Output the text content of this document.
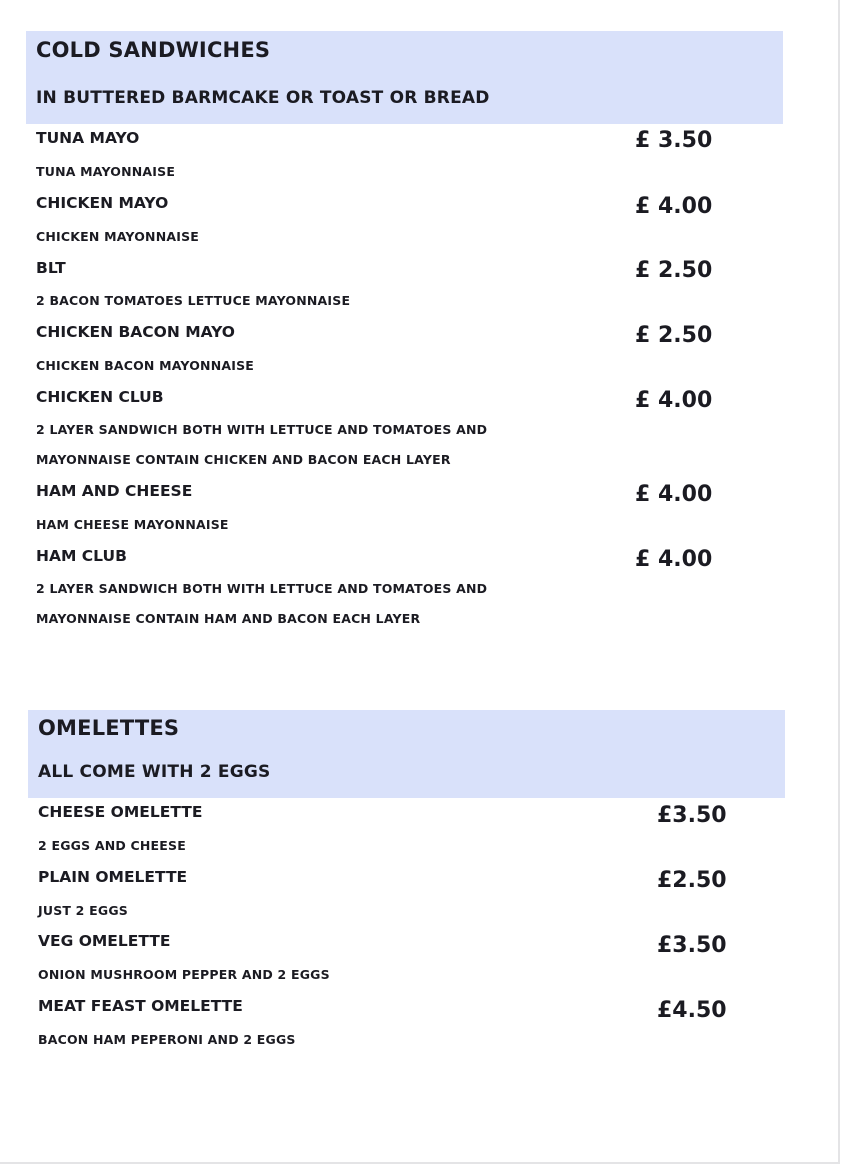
COLD SANDWICHES
IN BUTTERED BARMCAKE OR TOAST OR BREAD
TUNA MAYO
TUNA MAYONNAISE
£ 3.50
CHICKEN MAYO
CHICKEN MAYONNAISE
£ 4.00
BLT
2 BACON TOMATOES LETTUCE MAYONNAISE
£ 2.50
CHICKEN BACON MAYO
CHICKEN BACON MAYONNAISE
£ 2.50
CHICKEN CLUB
2 LAYER SANDWICH BOTH WITH LETTUCE AND TOMATOES AND
MAYONNAISE CONTAIN CHICKEN AND BACON EACH LAYER
£ 4.00
HAM AND CHEESE
HAM CHEESE MAYONNAISE
£ 4.00
HAM CLUB
2 LAYER SANDWICH BOTH WITH LETTUCE AND TOMATOES AND
MAYONNAISE CONTAIN HAM AND BACON EACH LAYER
£ 4.00
OMELETTES
ALL COME WITH 2 EGGS
CHEESE OMELETTE
2 EGGS AND CHEESE
£3.50
PLAIN OMELETTE
JUST 2 EGGS
£2.50
VEG OMELETTE
ONION MUSHROOM PEPPER AND 2 EGGS
£3.50
MEAT FEAST OMELETTE
BACON HAM PEPERONI AND 2 EGGS
£4.50
